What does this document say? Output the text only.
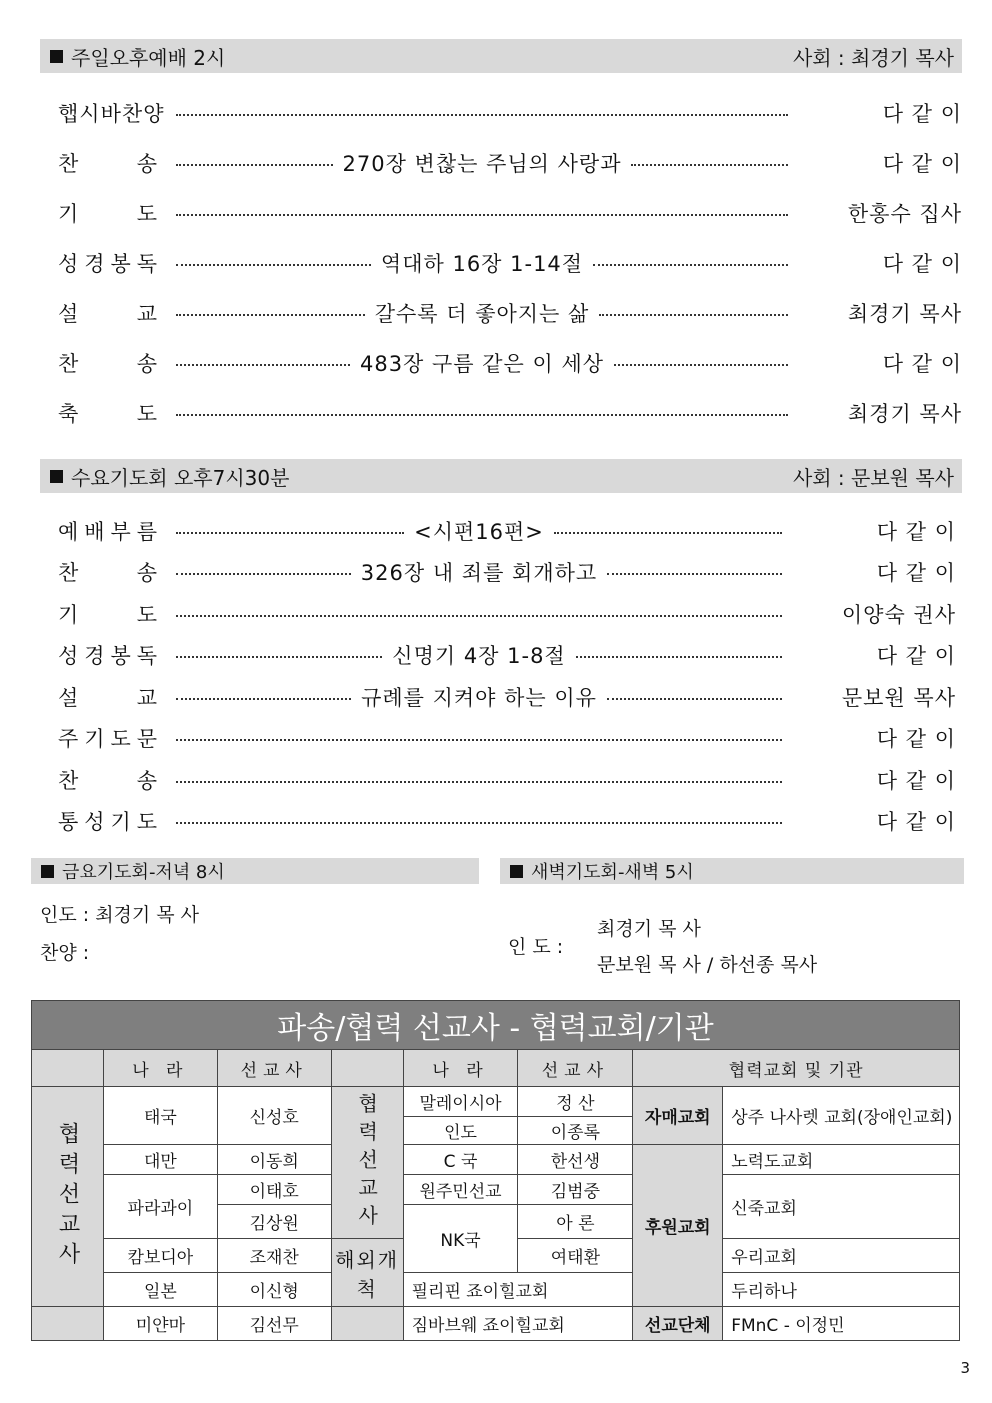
주일오후예배 2시	사회 : 최경기 목사
햅 시 바 찬 양	다 같 이
찬	송	270장 변찮는 주님의 사랑과	다 같 이
기	도	한홍수 집사
성 경 봉 독	역대하 16장 1-14절	다 같 이
설	교	갈수록 더 좋아지는 삶	최경기 목사
찬	송	483장 구름 같은 이 세상	다 같 이
축	도	최경기 목사
수요기도회 오후7시30분	사회 : 문보원 목사
예 배 부 름	<시편16편>	다 같 이
찬	송	326장 내 죄를 회개하고	다 같 이
기	도	이양숙 권사
성 경 봉 독	신명기 4장 1-8절	다 같 이
설	교	규례를 지켜야 하는 이유	문보원 목사
주 기 도 문	다 같 이
찬	송	다 같 이
통 성 기 도	다 같 이
금요기도회-저녁 8시
인도 : 최경기 목 사
찬양 :
새벽기도회-새벽 5시
인 도 :
최경기 목 사
문보원 목 사 / 하선종 목사
파송/협력 선교사 - 협력교회/기관							
	나 라	선교사		나 라	선교사	협력교회 및 기관	
협력선교사	태국	신성호	협력선교사	말레이시아	정 산	자매교회	상주 나사렛 교회(장애인교회)
				인도	이종록		
	대만	이동희		C 국	한선생	후원교회	노력도교회
	파라과이	이태호		원주민선교	김범중		신죽교회
		김상원		NK국	아 론		
	캄보디아	조재찬	해외개척		여태환		우리교회
	일본	이신형		필리핀 죠이힐교회			두리하나
	미얀마	김선무		짐바브웨 죠이힐교회		선교단체	FMnC - 이정민
3
